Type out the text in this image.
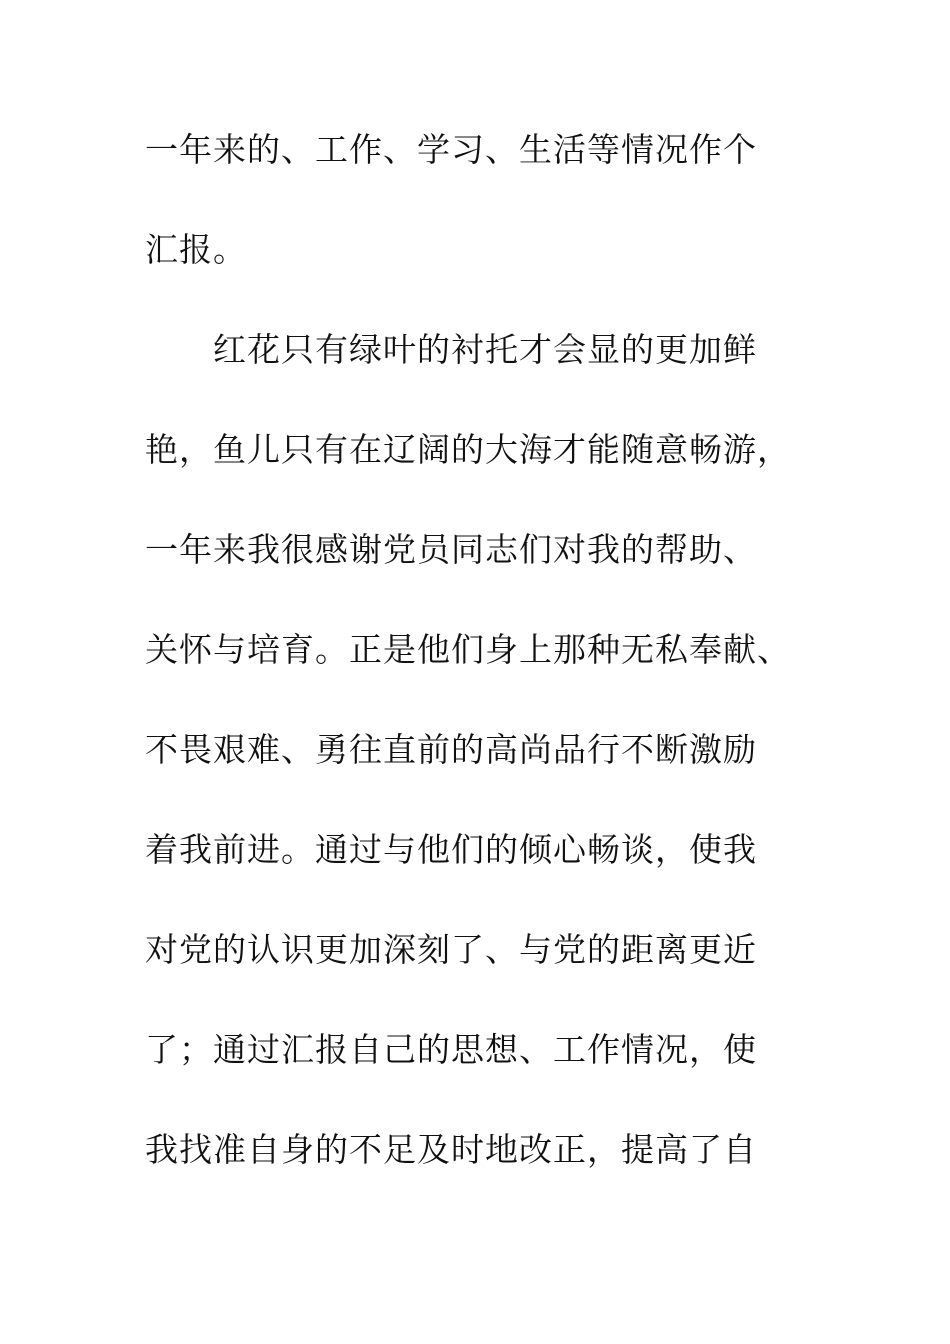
一年来的、工作、学习、生活等情况作个

汇报。

红花只有绿叶的衬托才会显的更加鲜

艳，鱼儿只有在辽阔的大海才能随意畅游，

一年来我很感谢党员同志们对我的帮助、

关怀与培育。正是他们身上那种无私奉献、

不畏艰难、勇往直前的高尚品行不断激励

着我前进。通过与他们的倾心畅谈，使我

对党的认识更加深刻了、与党的距离更近

了；通过汇报自己的思想、工作情况，使

我找准自身的不足及时地改正，提高了自
